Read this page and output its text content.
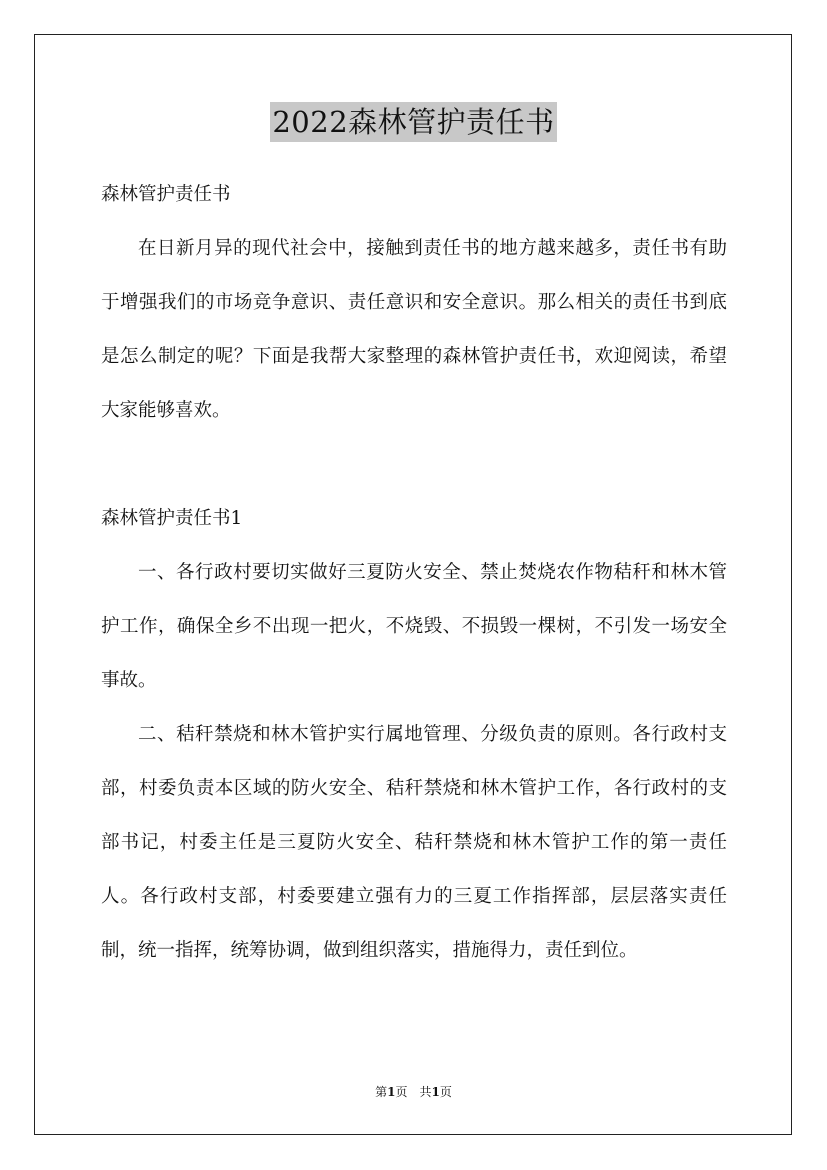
2022森林管护责任书

森林管护责任书

在日新月异的现代社会中，接触到责任书的地方越来越多，责任书有助于增强我们的市场竞争意识、责任意识和安全意识。那么相关的责任书到底是怎么制定的呢？下面是我帮大家整理的森林管护责任书，欢迎阅读，希望大家能够喜欢。

森林管护责任书1

一、各行政村要切实做好三夏防火安全、禁止焚烧农作物秸秆和林木管护工作，确保全乡不出现一把火，不烧毁、不损毁一棵树，不引发一场安全事故。

二、秸秆禁烧和林木管护实行属地管理、分级负责的原则。各行政村支部，村委负责本区域的防火安全、秸秆禁烧和林木管护工作，各行政村的支部书记，村委主任是三夏防火安全、秸秆禁烧和林木管护工作的第一责任人。各行政村支部，村委要建立强有力的三夏工作指挥部，层层落实责任制，统一指挥，统筹协调，做到组织落实，措施得力，责任到位。

第1页　共1页
